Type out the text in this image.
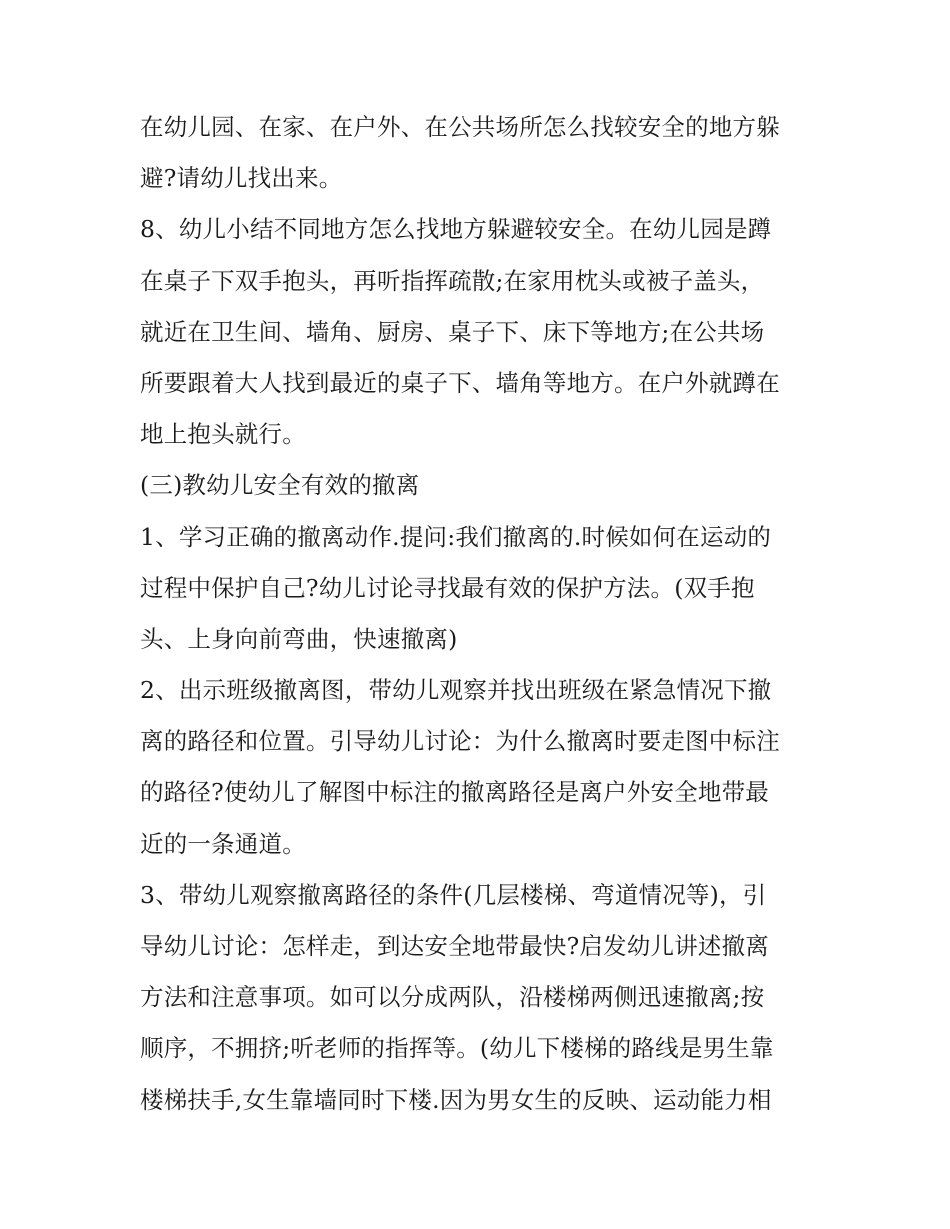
在幼儿园、在家、在户外、在公共场所怎么找较安全的地方躲
避?请幼儿找出来。
8、幼儿小结不同地方怎么找地方躲避较安全。在幼儿园是蹲
在桌子下双手抱头，再听指挥疏散;在家用枕头或被子盖头，
就近在卫生间、墙角、厨房、桌子下、床下等地方;在公共场
所要跟着大人找到最近的桌子下、墙角等地方。在户外就蹲在
地上抱头就行。
(三)教幼儿安全有效的撤离
1、学习正确的撤离动作.提问:我们撤离的.时候如何在运动的
过程中保护自己?幼儿讨论寻找最有效的保护方法。(双手抱
头、上身向前弯曲，快速撤离)
2、出示班级撤离图，带幼儿观察并找出班级在紧急情况下撤
离的路径和位置。引导幼儿讨论：为什么撤离时要走图中标注
的路径?使幼儿了解图中标注的撤离路径是离户外安全地带最
近的一条通道。
3、带幼儿观察撤离路径的条件(几层楼梯、弯道情况等)，引
导幼儿讨论：怎样走，到达安全地带最快?启发幼儿讲述撤离
方法和注意事项。如可以分成两队，沿楼梯两侧迅速撤离;按
顺序，不拥挤;听老师的指挥等。(幼儿下楼梯的路线是男生靠
楼梯扶手,女生靠墙同时下楼.因为男女生的反映、运动能力相
